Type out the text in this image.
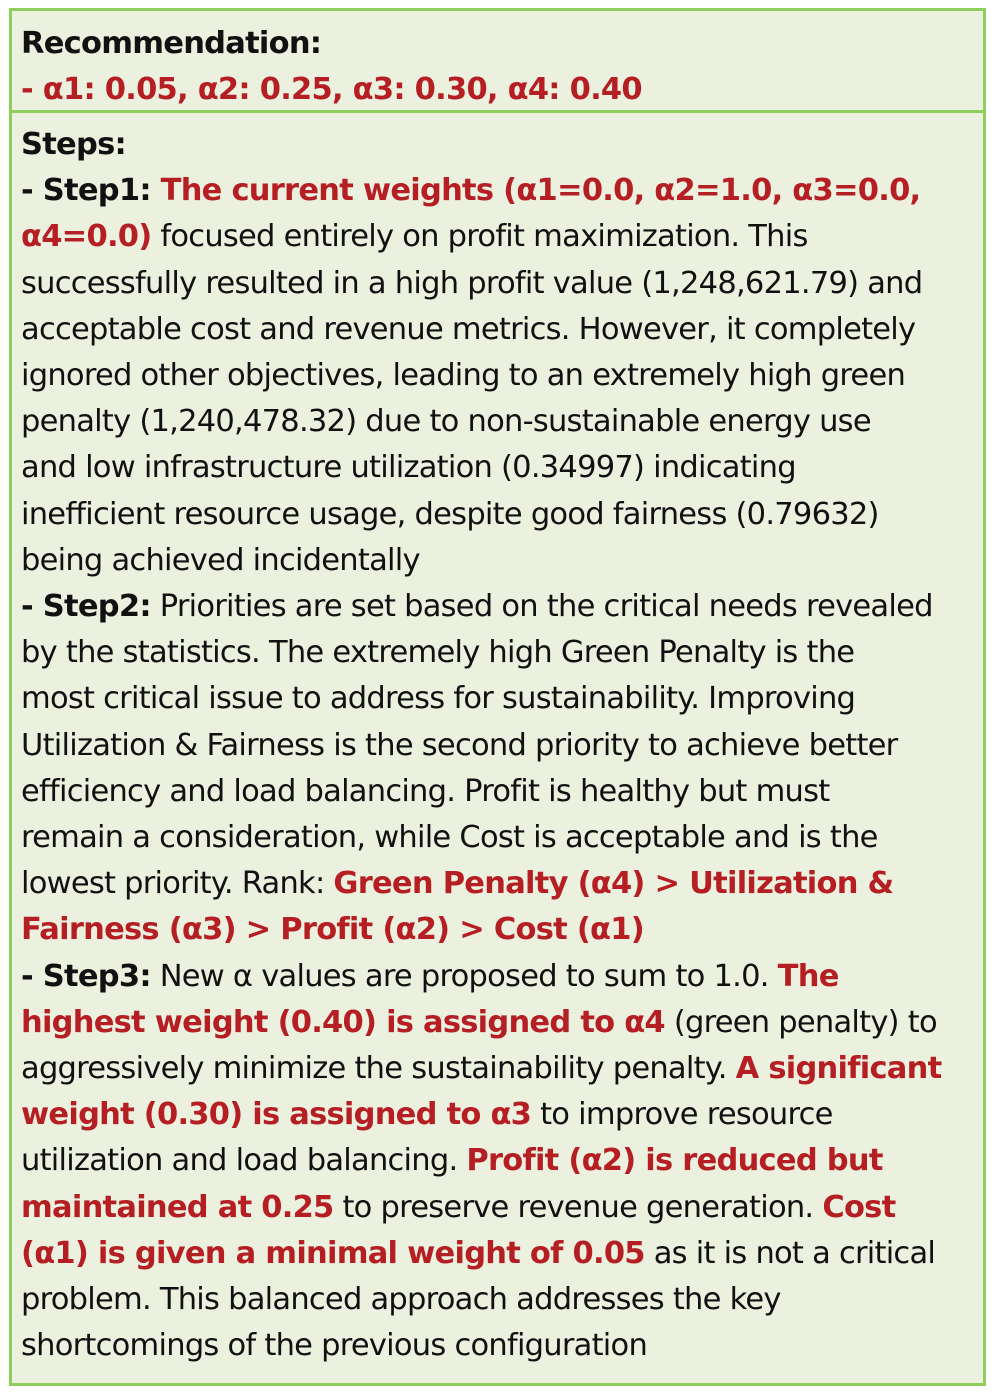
Recommendation:
- α1: 0.05, α2: 0.25, α3: 0.30, α4: 0.40
Steps:
- Step1: The current weights (α1=0.0, α2=1.0, α3=0.0,
α4=0.0) focused entirely on profit maximization. This
successfully resulted in a high profit value (1,248,621.79) and
acceptable cost and revenue metrics. However, it completely
ignored other objectives, leading to an extremely high green
penalty (1,240,478.32) due to non-sustainable energy use
and low infrastructure utilization (0.34997) indicating
inefficient resource usage, despite good fairness (0.79632)
being achieved incidentally
- Step2: Priorities are set based on the critical needs revealed
by the statistics. The extremely high Green Penalty is the
most critical issue to address for sustainability. Improving
Utilization & Fairness is the second priority to achieve better
efficiency and load balancing. Profit is healthy but must
remain a consideration, while Cost is acceptable and is the
lowest priority. Rank: Green Penalty (α4) > Utilization &
Fairness (α3) > Profit (α2) > Cost (α1)
- Step3: New α values are proposed to sum to 1.0. The
highest weight (0.40) is assigned to α4 (green penalty) to
aggressively minimize the sustainability penalty. A significant
weight (0.30) is assigned to α3 to improve resource
utilization and load balancing. Profit (α2) is reduced but
maintained at 0.25 to preserve revenue generation. Cost
(α1) is given a minimal weight of 0.05 as it is not a critical
problem. This balanced approach addresses the key
shortcomings of the previous configuration
